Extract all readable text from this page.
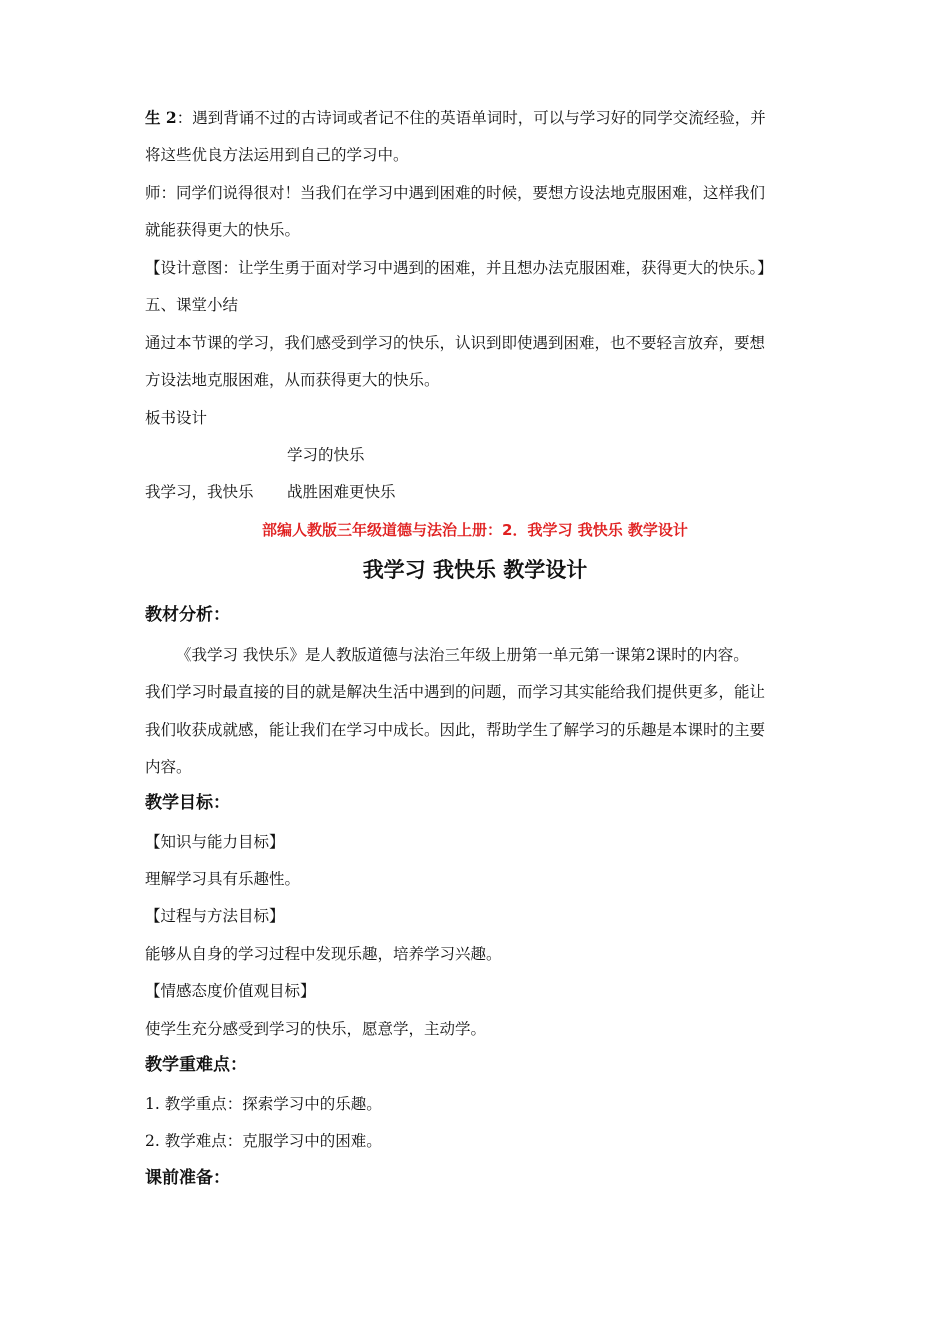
生 2：遇到背诵不过的古诗词或者记不住的英语单词时，可以与学习好的同学交流经验，并
将这些优良方法运用到自己的学习中。
师：同学们说得很对！当我们在学习中遇到困难的时候，要想方设法地克服困难，这样我们
就能获得更大的快乐。
【设计意图：让学生勇于面对学习中遇到的困难，并且想办法克服困难，获得更大的快乐。】
五、课堂小结
通过本节课的学习，我们感受到学习的快乐，认识到即使遇到困难，也不要轻言放弃，要想
方设法地克服困难，从而获得更大的快乐。
板书设计
学习的快乐
我学习，我快乐 战胜困难更快乐
部编人教版三年级道德与法治上册：2．我学习 我快乐 教学设计
我学习 我快乐 教学设计
教材分析：
《我学习 我快乐》是人教版道德与法治三年级上册第一单元第一课第2课时的内容。
我们学习时最直接的目的就是解决生活中遇到的问题，而学习其实能给我们提供更多，能让
我们收获成就感，能让我们在学习中成长。因此，帮助学生了解学习的乐趣是本课时的主要
内容。
教学目标：
【知识与能力目标】
理解学习具有乐趣性。
【过程与方法目标】
能够从自身的学习过程中发现乐趣，培养学习兴趣。
【情感态度价值观目标】
使学生充分感受到学习的快乐，愿意学，主动学。
教学重难点：
1. 教学重点：探索学习中的乐趣。
2. 教学难点：克服学习中的困难。
课前准备：
